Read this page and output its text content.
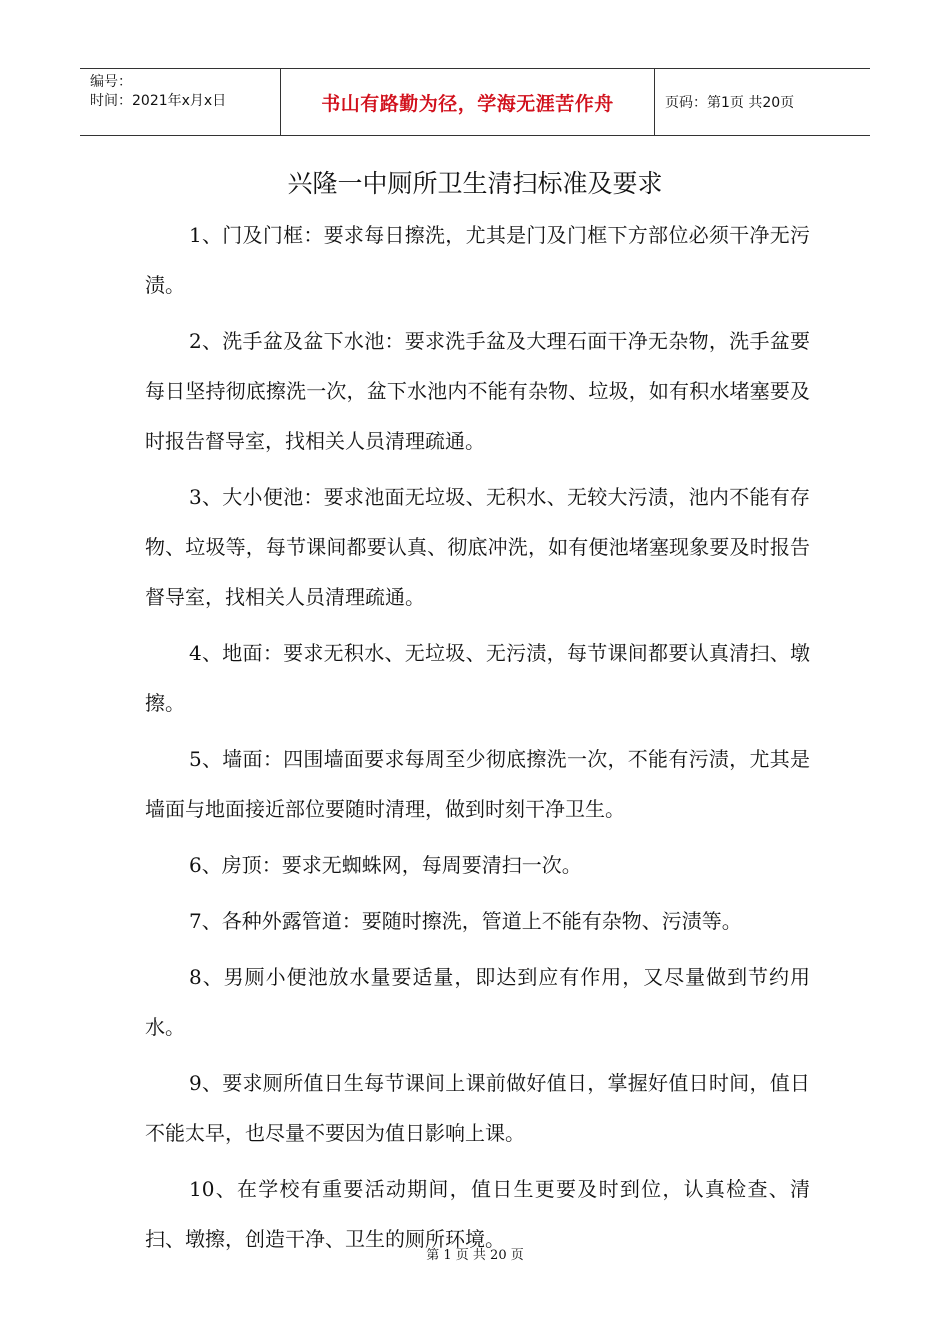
编号：
时间：2021年x月x日	书山有路勤为径，学海无涯苦作舟	页码：第1页 共20页
兴隆一中厕所卫生清扫标准及要求

1、门及门框：要求每日擦洗，尤其是门及门框下方部位必须干净无污渍。

2、洗手盆及盆下水池：要求洗手盆及大理石面干净无杂物，洗手盆要每日坚持彻底擦洗一次，盆下水池内不能有杂物、垃圾，如有积水堵塞要及时报告督导室，找相关人员清理疏通。

3、大小便池：要求池面无垃圾、无积水、无较大污渍，池内不能有存物、垃圾等，每节课间都要认真、彻底冲洗，如有便池堵塞现象要及时报告督导室，找相关人员清理疏通。

4、地面：要求无积水、无垃圾、无污渍，每节课间都要认真清扫、墩擦。

5、墙面：四围墙面要求每周至少彻底擦洗一次，不能有污渍，尤其是墙面与地面接近部位要随时清理，做到时刻干净卫生。

6、房顶：要求无蜘蛛网，每周要清扫一次。

7、各种外露管道：要随时擦洗，管道上不能有杂物、污渍等。

8、男厕小便池放水量要适量，即达到应有作用，又尽量做到节约用水。

9、要求厕所值日生每节课间上课前做好值日，掌握好值日时间，值日不能太早，也尽量不要因为值日影响上课。

10、在学校有重要活动期间，值日生更要及时到位，认真检查、清扫、墩擦，创造干净、卫生的厕所环境。

第 1 页 共 20 页
